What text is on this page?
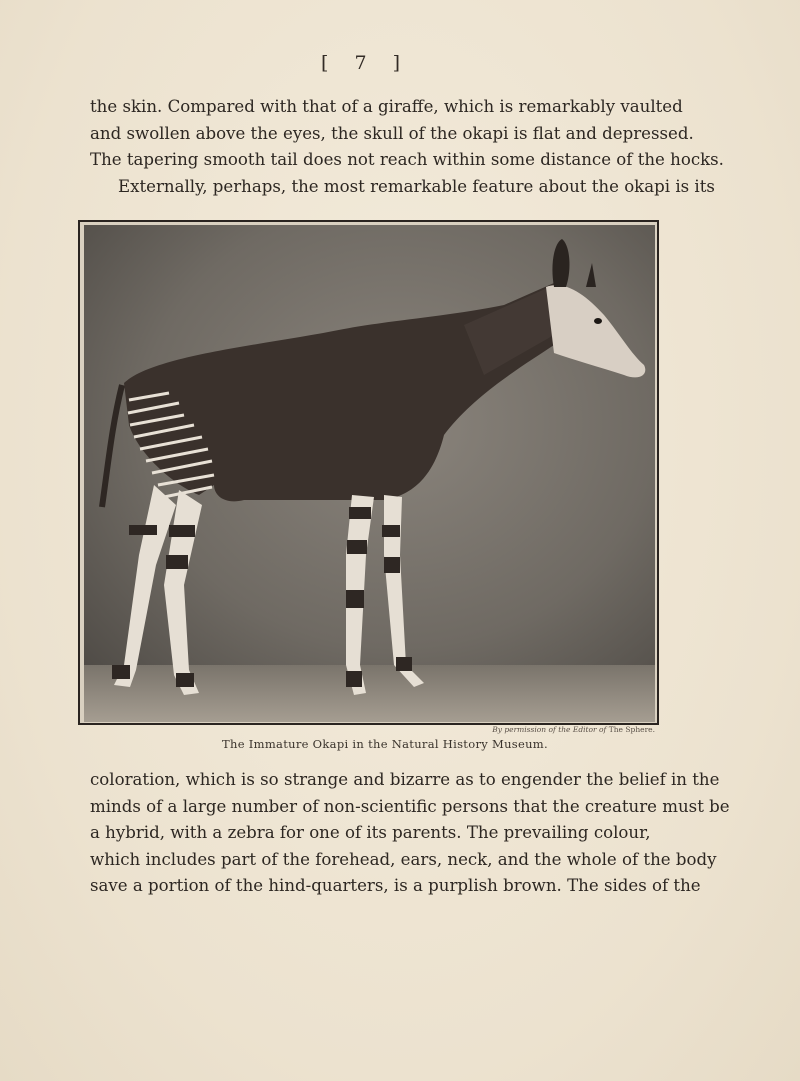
[ 7 ]
the skin. Compared with that of a giraffe, which is remarkably vaulted
and swollen above the eyes, the skull of the okapi is flat and depressed.
The tapering smooth tail does not reach within some distance of the hocks.
Externally, perhaps, the most remarkable feature about the okapi is its
By permission of the Editor of The Sphere.
The Immature Okapi in the Natural History Museum.
coloration, which is so strange and bizarre as to engender the belief in the
minds of a large number of non-scientific persons that the creature must be
a hybrid, with a zebra for one of its parents. The prevailing colour,
which includes part of the forehead, ears, neck, and the whole of the body
save a portion of the hind-quarters, is a purplish brown. The sides of the
